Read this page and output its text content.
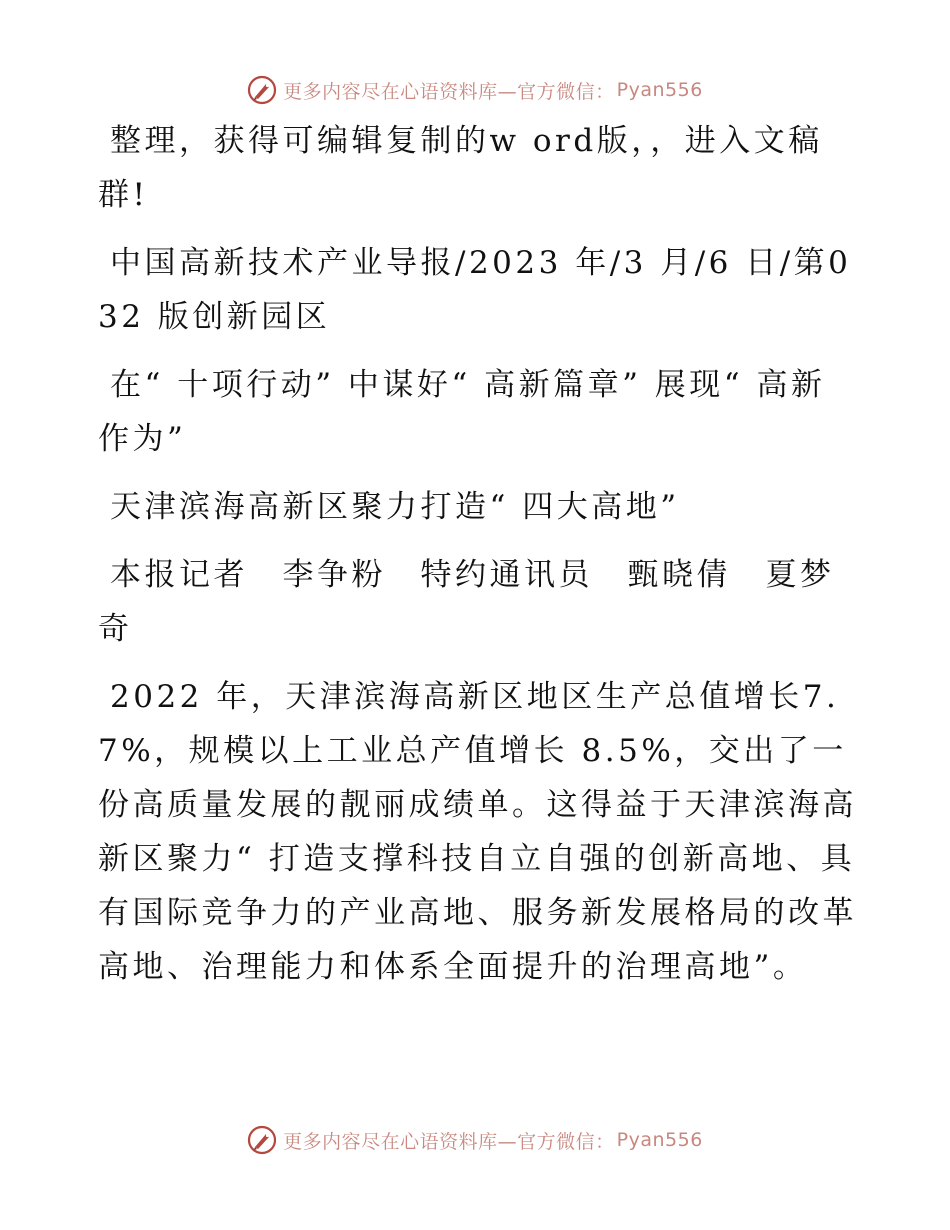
更多内容尽在心语资料库—官方微信： Pyan556

整理，获得可编辑复制的w ord版，，进入文稿群!

中国高新技术产业导报/2023 年/3 月/6 日/第032 版创新园区

在“ 十项行动” 中谋好“ 高新篇章” 展现“ 高新作为”

天津滨海高新区聚力打造“ 四大高地”

本报记者　李争粉　特约通讯员　甄晓倩　夏梦奇

2022 年，天津滨海高新区地区生产总值增长7.7%，规模以上工业总产值增长 8.5%，交出了一份高质量发展的靓丽成绩单。这得益于天津滨海高新区聚力“ 打造支撑科技自立自强的创新高地、具有国际竞争力的产业高地、服务新发展格局的改革高地、治理能力和体系全面提升的治理高地”。

更多内容尽在心语资料库—官方微信： Pyan556
